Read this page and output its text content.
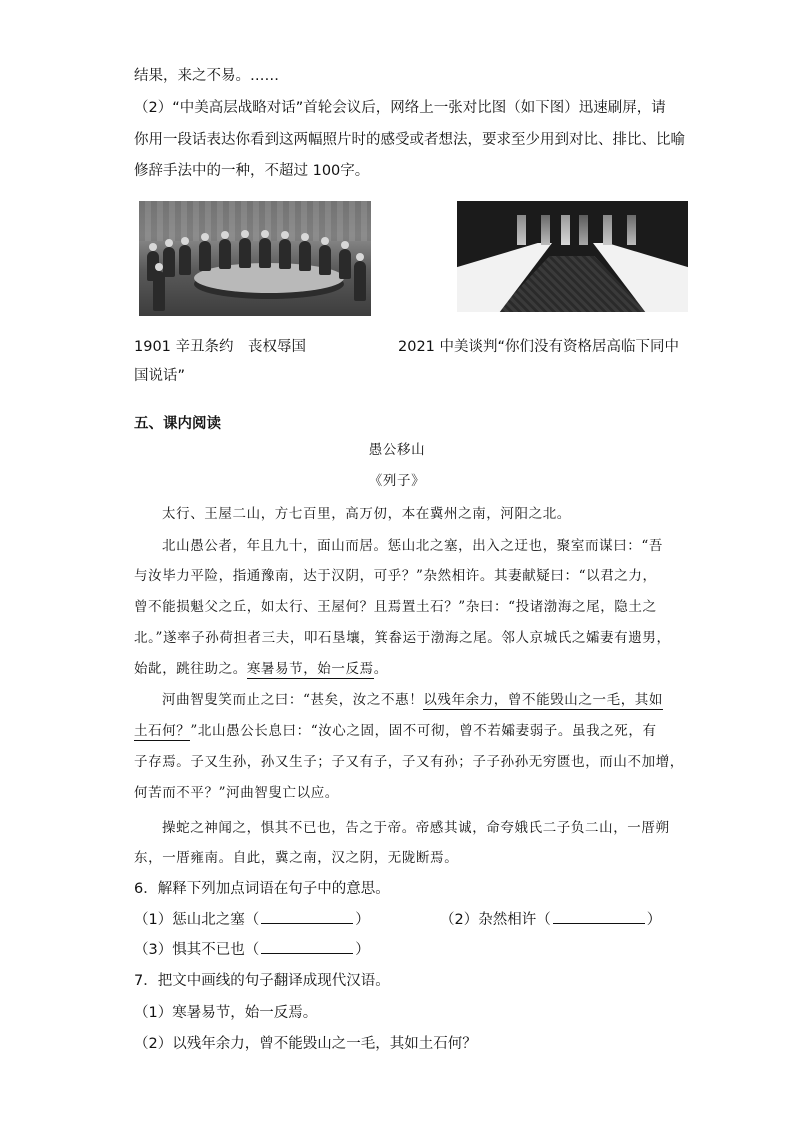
结果，来之不易。……
（2）“中美高层战略对话”首轮会议后，网络上一张对比图（如下图）迅速刷屏，请
你用一段话表达你看到这两幅照片时的感受或者想法，要求至少用到对比、排比、比喻
修辞手法中的一种，不超过 100字。
1901 辛丑条约　丧权辱国	2021 中美谈判“你们没有资格居高临下同中
国说话”
五、课内阅读
愚公移山
《列子》
太行、王屋二山，方七百里，高万仞，本在冀州之南，河阳之北。
北山愚公者，年且九十，面山而居。惩山北之塞，出入之迂也，聚室而谋曰：“吾
与汝毕力平险，指通豫南，达于汉阴，可乎？”杂然相许。其妻献疑曰：“以君之力，
曾不能损魁父之丘，如太行、王屋何？且焉置土石？”杂曰：“投诸渤海之尾，隐土之
北。”遂率子孙荷担者三夫，叩石垦壤，箕畚运于渤海之尾。邻人京城氏之孀妻有遗男，
始龀，跳往助之。寒暑易节，始一反焉。
河曲智叟笑而止之曰：“甚矣，汝之不惠！以残年余力，曾不能毁山之一毛，其如
土石何？”北山愚公长息曰：“汝心之固，固不可彻，曾不若孀妻弱子。虽我之死，有
子存焉。子又生孙，孙又生子；子又有子，子又有孙；子子孙孙无穷匮也，而山不加增，
何苦而不平？”河曲智叟亡以应。
操蛇之神闻之，惧其不已也，告之于帝。帝感其诚，命夸娥氏二子负二山，一厝朔
东，一厝雍南。自此，冀之南，汉之阴，无陇断焉。
6．解释下列加点词语在句子中的意思。
（1）惩山北之塞（	）	（2）杂然相许（	）
（3）惧其不已也（	）
7．把文中画线的句子翻译成现代汉语。
（1）寒暑易节，始一反焉。
（2）以残年余力，曾不能毁山之一毛，其如土石何？
